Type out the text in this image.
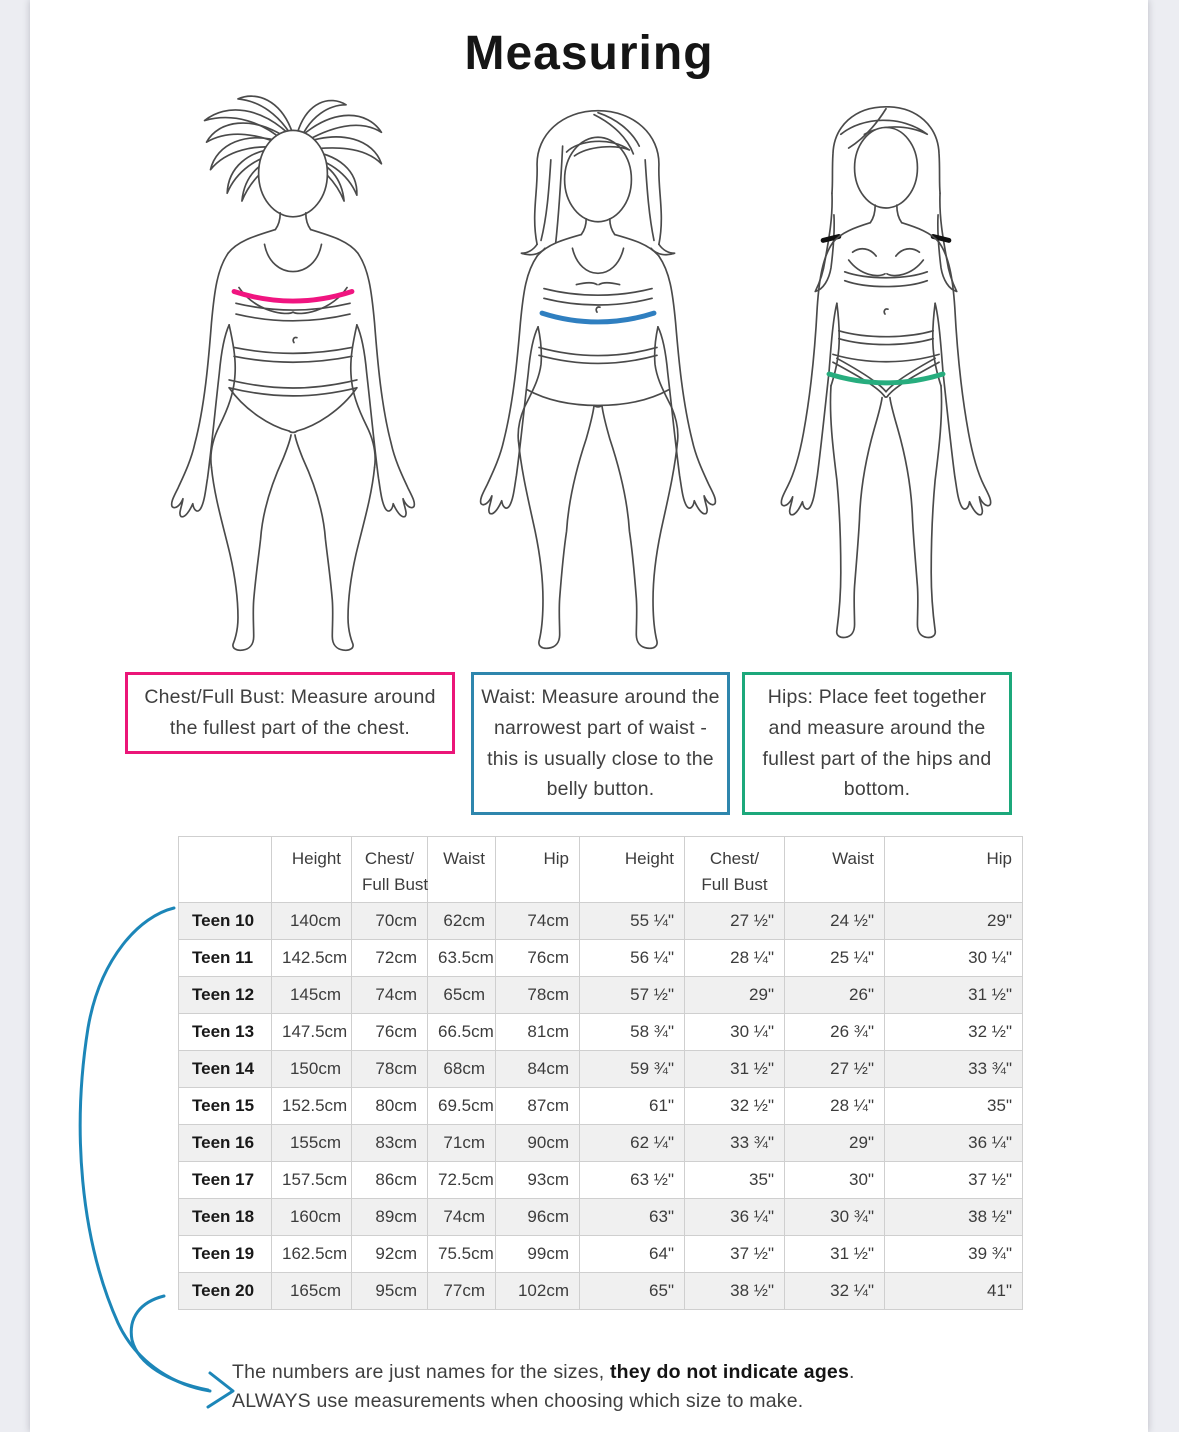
Measuring
Chest/Full Bust: Measure around the fullest part of the chest.
Waist: Measure around the narrowest part of waist - this is usually close to the belly button.
Hips: Place feet together and measure around the fullest part of the hips and bottom.
	Height	Chest/
Full Bust
	Waist	Hip	Height	Chest/
Full Bust
	Waist	Hip
Teen 10	140cm	70cm	62cm	74cm	55 ¼"	27 ½"	24 ½"	29"
Teen 11	142.5cm	72cm	63.5cm	76cm	56 ¼"	28 ¼"	25 ¼"	30 ¼"
Teen 12	145cm	74cm	65cm	78cm	57 ½"	29"	26"	31 ½"
Teen 13	147.5cm	76cm	66.5cm	81cm	58 ¾"	30 ¼"	26 ¾"	32 ½"
Teen 14	150cm	78cm	68cm	84cm	59 ¾"	31 ½"	27 ½"	33 ¾"
Teen 15	152.5cm	80cm	69.5cm	87cm	61"	32 ½"	28 ¼"	35"
Teen 16	155cm	83cm	71cm	90cm	62 ¼"	33 ¾"	29"	36 ¼"
Teen 17	157.5cm	86cm	72.5cm	93cm	63 ½"	35"	30"	37 ½"
Teen 18	160cm	89cm	74cm	96cm	63"	36 ¼"	30 ¾"	38 ½"
Teen 19	162.5cm	92cm	75.5cm	99cm	64"	37 ½"	31 ½"	39 ¾"
Teen 20	165cm	95cm	77cm	102cm	65"	38 ½"	32 ¼"	41"
The numbers are just names for the sizes, they do not indicate ages.
ALWAYS use measurements when choosing which size to make.
